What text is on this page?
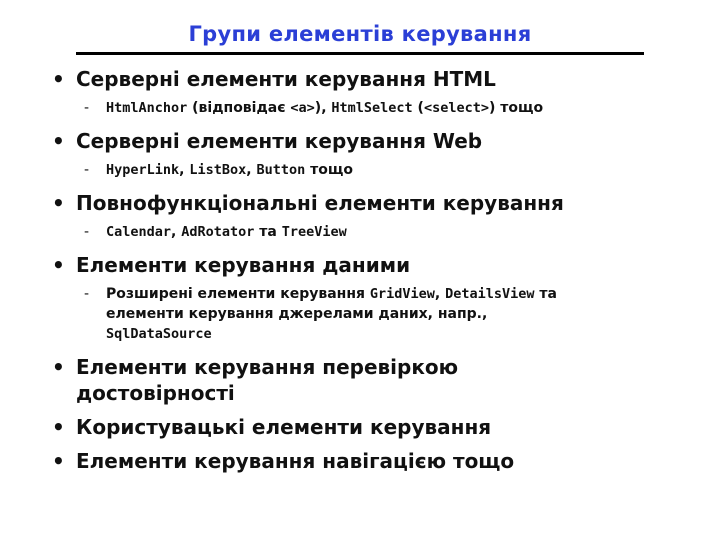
Групи елементів керування
• Серверні елементи керування HTML
- HtmlAnchor (відповідає <a>), HtmlSelect (<select>) тощо
• Серверні елементи керування Web
- HyperLink, ListBox, Button тощо
• Повнофункціональні елементи керування
- Calendar, AdRotator та TreeView
• Елементи керування даними
- Розширені елементи керування GridView, DetailsView та
елементи керування джерелами даних, напр.,
SqlDataSource
• Елементи керування перевіркою
достовірності
• Користувацькі елементи керування
• Елементи керування навігацією тощо
